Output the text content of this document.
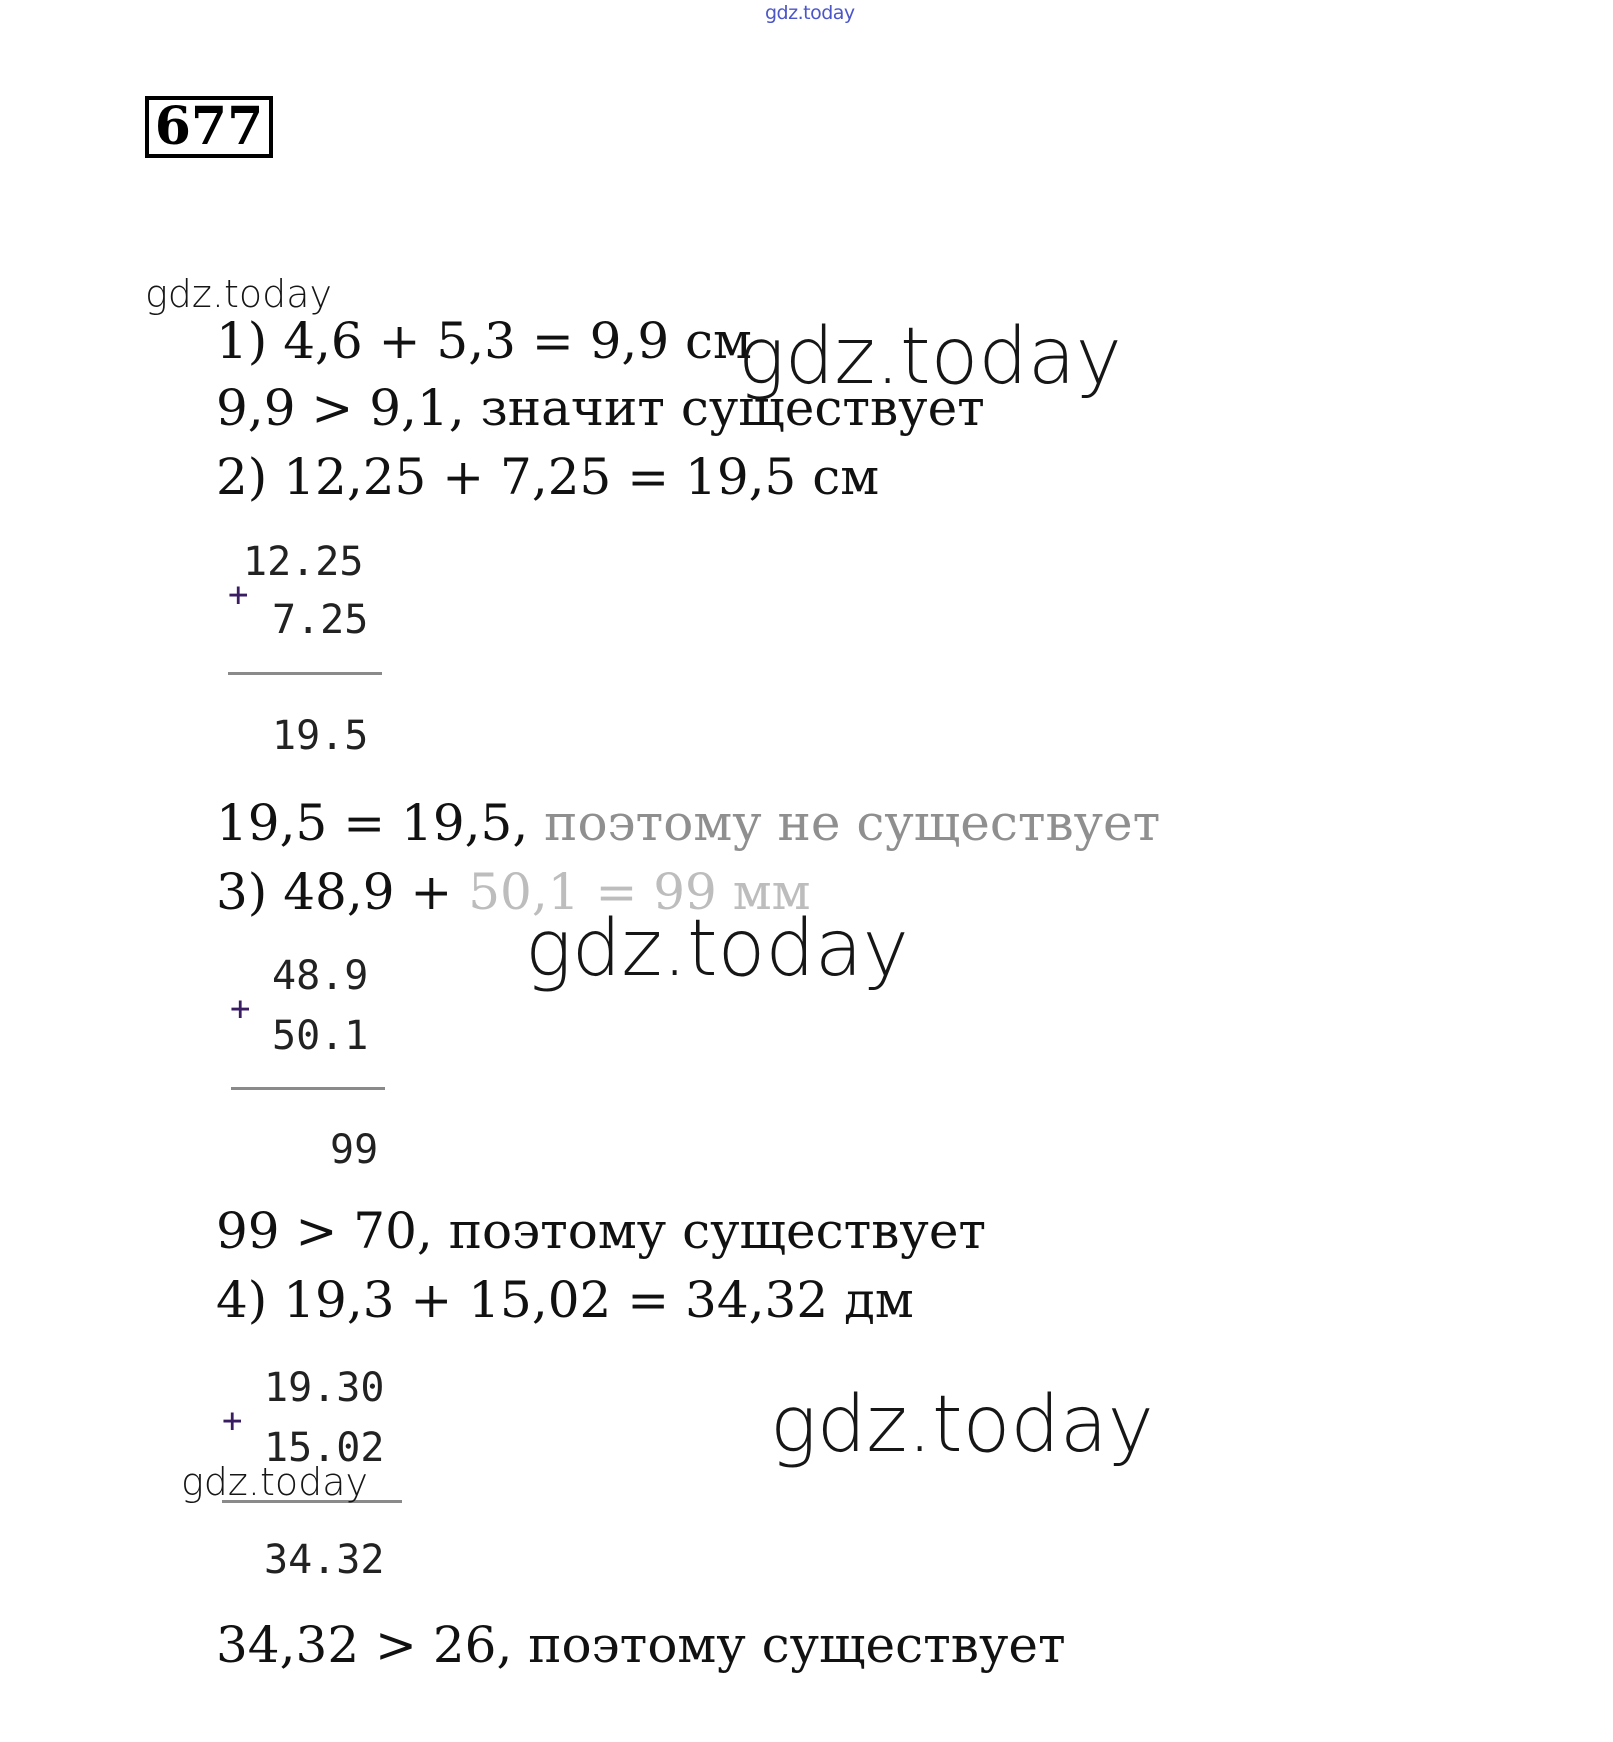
gdz.today
677
gdz.today
1) 4,6 + 5,3 = 9,9 см
gdz.today
9,9 > 9,1, значит существует
2) 12,25 + 7,25 = 19,5 см
12.25
+
7.25
19.5
19,5 = 19,5, поэтому не существует
3) 48,9 + 50,1 = 99 мм
gdz.today
48.9
+
50.1
99
99 > 70, поэтому существует
4) 19,3 + 15,02 = 34,32 дм
19.30
+
15.02
34.32
gdz.today
gdz.today
34,32 > 26, поэтому существует
